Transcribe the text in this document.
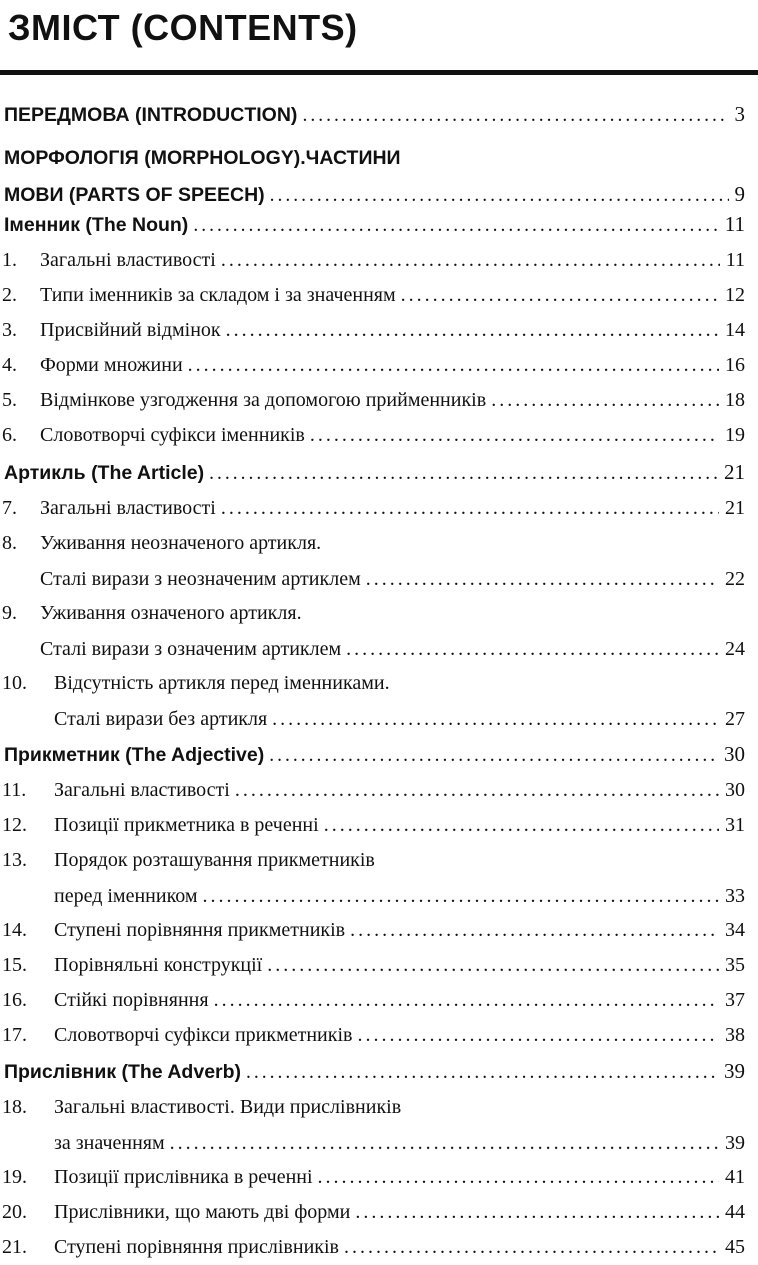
ЗМІСТ (CONTENTS)
ПЕРЕДМОВА (INTRODUCTION) .....	3
МОРФОЛОГІЯ (MORPHOLOGY).ЧАСТИНИ
МОВИ (PARTS OF SPEECH) .....	9
Іменник (The Noun) .....	11
1.	Загальні властивості .....	11
2.	Типи іменників за складом і за значенням .....	12
3.	Присвійний відмінок .....	14
4.	Форми множини .....	16
5.	Відмінкове узгодження за допомогою прийменників .....	18
6.	Словотворчі суфікси іменників .....	19
Артикль (The Article) .....	21
7.	Загальні властивості .....	21
8.	Уживання неозначеного артикля.
Сталі вирази з неозначеним артиклем .....	22
9.	Уживання означеного артикля.
Сталі вирази з означеним артиклем .....	24
10.	Відсутність артикля перед іменниками.
Сталі вирази без артикля .....	27
Прикметник (The Adjective) .....	30
11.	Загальні властивості .....	30
12.	Позиції прикметника в реченні .....	31
13.	Порядок розташування прикметників
перед іменником .....	33
14.	Ступені порівняння прикметників .....	34
15.	Порівняльні конструкції .....	35
16.	Стійкі порівняння .....	37
17.	Словотворчі суфікси прикметників .....	38
Прислівник (The Adverb) .....	39
18.	Загальні властивості. Види прислівників
за значенням .....	39
19.	Позиції прислівника в реченні .....	41
20.	Прислівники, що мають дві форми .....	44
21.	Ступені порівняння прислівників .....	45
